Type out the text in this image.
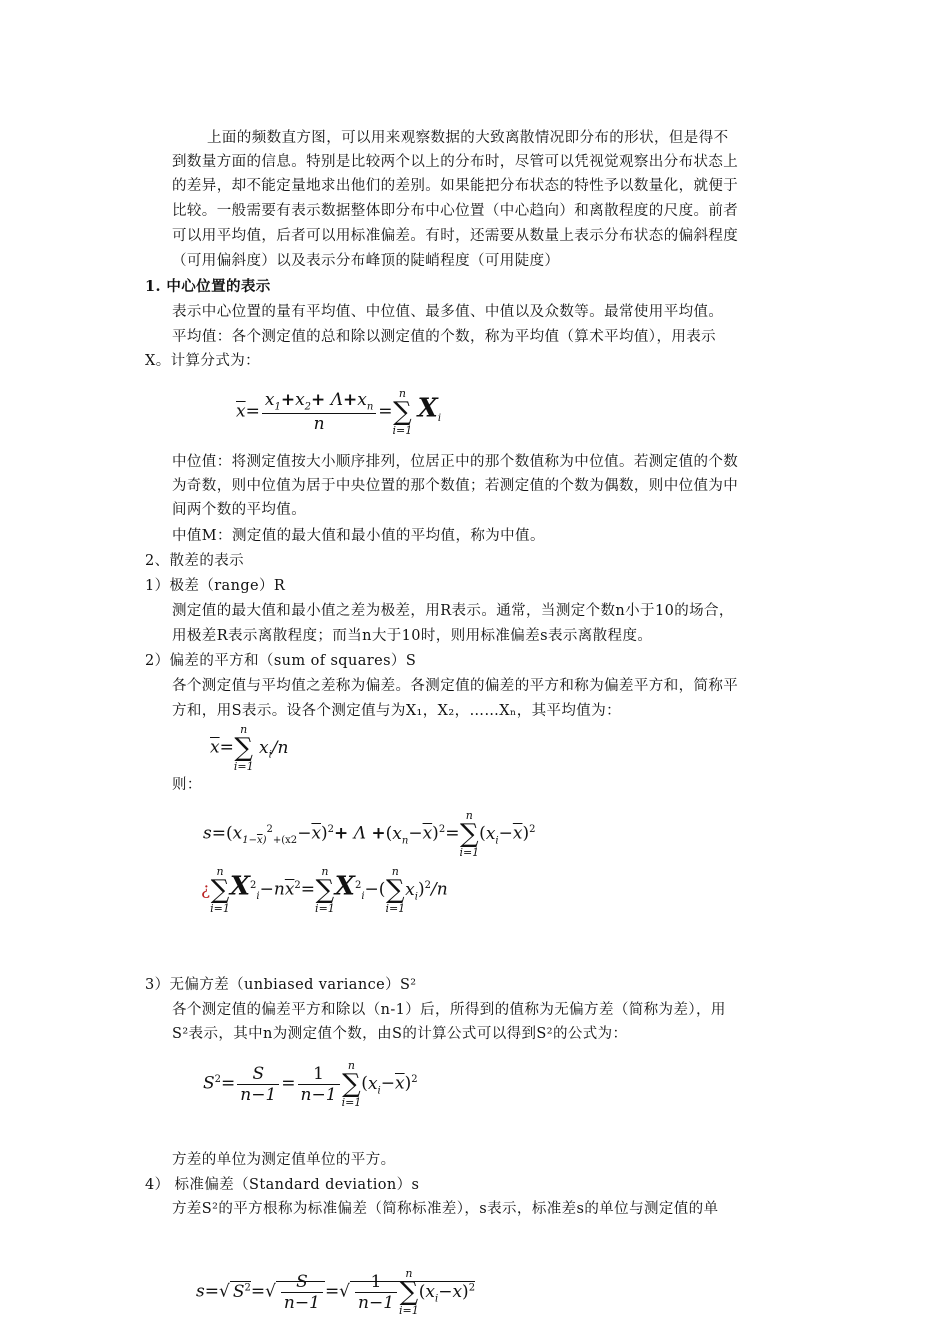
上面的频数直方图，可以用来观察数据的大致离散情况即分布的形状，但是得不
到数量方面的信息。特别是比较两个以上的分布时，尽管可以凭视觉观察出分布状态上
的差异，却不能定量地求出他们的差别。如果能把分布状态的特性予以数量化，就便于
比较。一般需要有表示数据整体即分布中心位置（中心趋向）和离散程度的尺度。前者
可以用平均值，后者可以用标准偏差。有时，还需要从数量上表示分布状态的偏斜程度
（可用偏斜度）以及表示分布峰顶的陡峭程度（可用陡度）
1. 中心位置的表示
表示中心位置的量有平均值、中位值、最多值、中值以及众数等。最常使用平均值。
平均值：各个测定值的总和除以测定值的个数，称为平均值（算术平均值），用表示
X。计算分式为：
$\overline{x}= \frac{x_1+x_2+ \Lambda+x_n}{n}$ =
n
∑
i=1
$X_i$
中位值：将测定值按大小顺序排列，位居正中的那个数值称为中位值。若测定值的个数
为奇数，则中位值为居于中央位置的那个数值；若测定值的个数为偶数，则中位值为中
间两个数的平均值。
中值M：测定值的最大值和最小值的平均值，称为中值。
2、散差的表示
1）极差（range）R
测定值的最大值和最小值之差为极差，用R表示。通常，当测定个数n小于10的场合，
用极差R表示离散程度；而当n大于10时，则用标准偏差s表示离散程度。
2）偏差的平方和（sum of squares）S
各个测定值与平均值之差称为偏差。各测定值的偏差的平方和称为偏差平方和，简称平
方和，用S表示。设各个测定值与为X₁，X₂，……Xₙ，其平均值为：
$\overline{x}=$
n
∑
i=1
$x_i/n$
则：
$s=(x_{1-\overline{x})}^2_{+(x2}-\overline{x})^2+ \Lambda +(x_n-\overline{x})^2=$
n
∑
i=1
$(x_i-\overline{x})^2$
¿
n
∑
i=1
$X^2_i-n\overline{x}^2=$
n
∑
i=1
$X^2_i-$(
n
∑
i=1
$x_i)^2/n$
3）无偏方差（unbiased variance）S²
各个测定值的偏差平方和除以（n-1）后，所得到的值称为无偏方差（简称为差），用
S²表示，其中n为测定值个数，由S的计算公式可以得到S²的公式为：
$S^2= \frac{S}{n-1} = \frac{1}{n-1}$ n
∑
i=1
$(x_i-\overline{x})^2$
方差的单位为测定值单位的平方。
4） 标准偏差（Standard deviation）s
方差S²的平方根称为标准偏差（简称标准差），s表示，标准差s的单位与测定值的单
s=√ $S^2=√ \frac{S}{n-1}$ =√ $\frac{1}{n-1}$ n
∑
i=1
$(x_i-\overline{x})^2$
